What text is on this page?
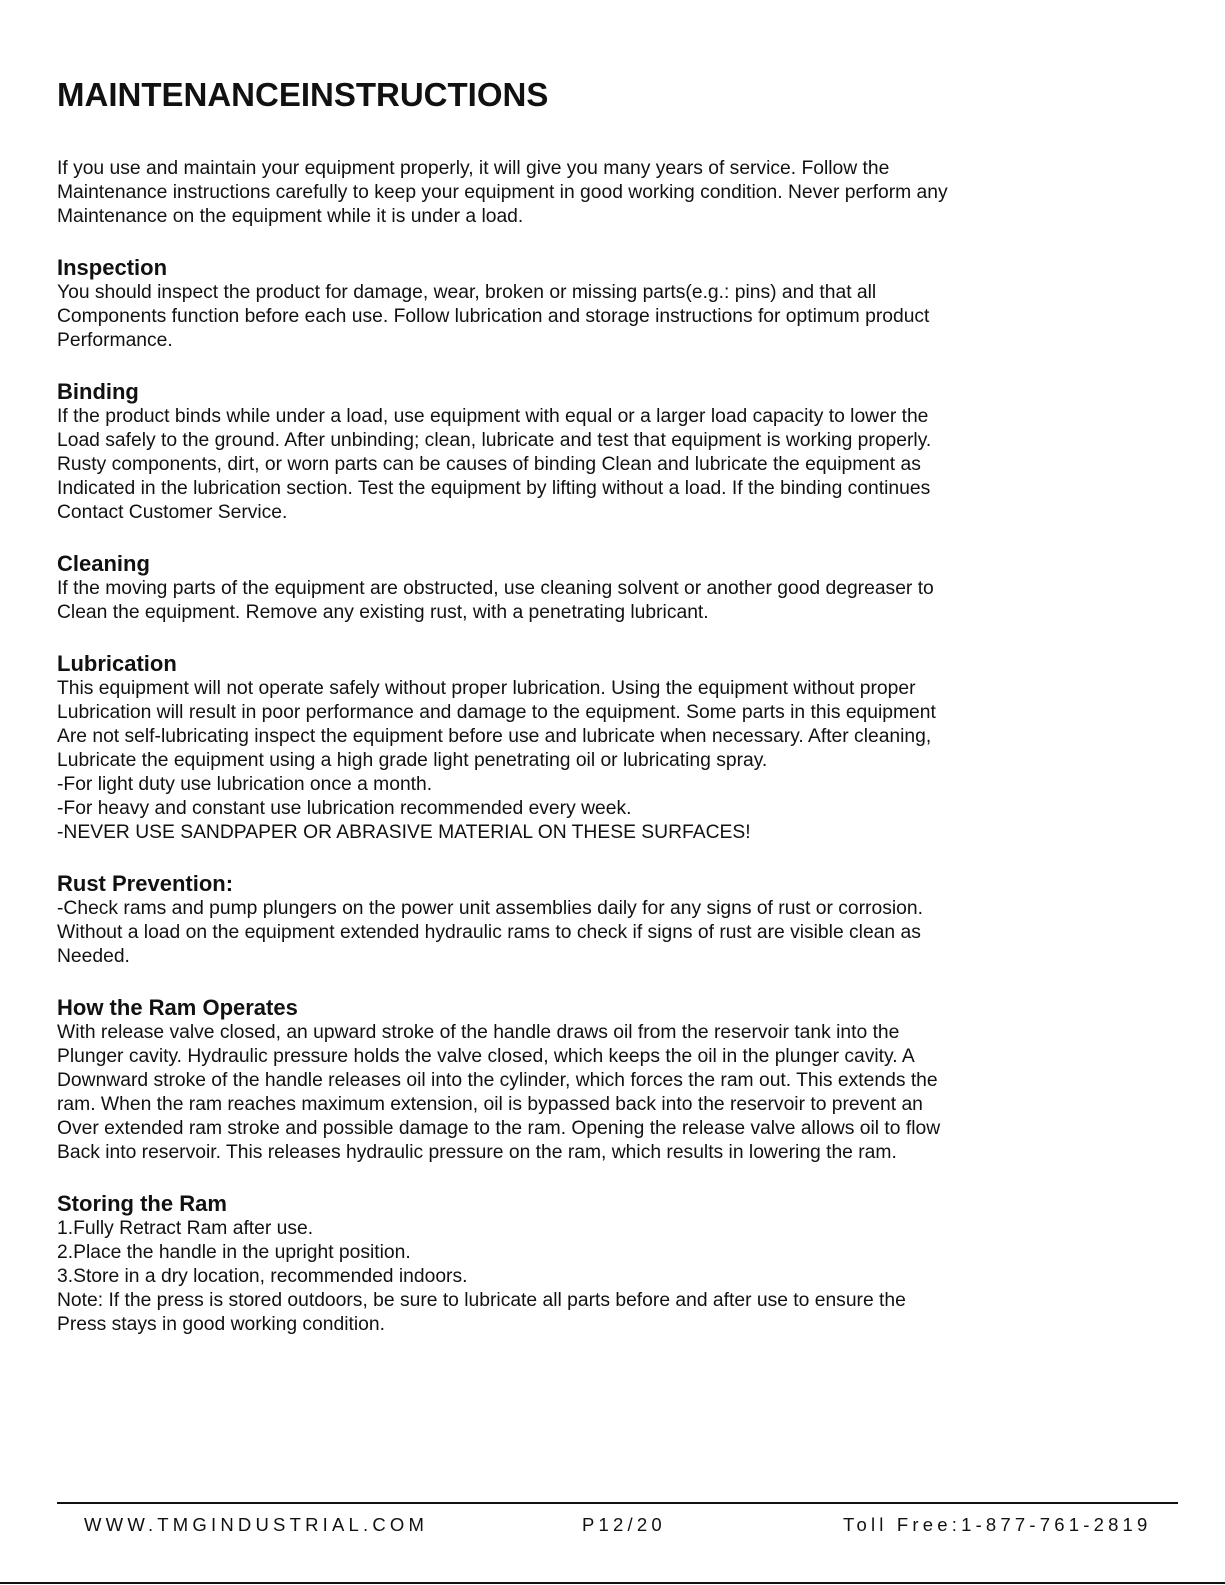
MAINTENANCEINSTRUCTIONS

If you use and maintain your equipment properly, it will give you many years of service. Follow the
Maintenance instructions carefully to keep your equipment in good working condition. Never perform any
Maintenance on the equipment while it is under a load.

Inspection

You should inspect the product for damage, wear, broken or missing parts(e.g.: pins) and that all
Components function before each use. Follow lubrication and storage instructions for optimum product
Performance.

Binding

If the product binds while under a load, use equipment with equal or a larger load capacity to lower the
Load safely to the ground. After unbinding; clean, lubricate and test that equipment is working properly.
Rusty components, dirt, or worn parts can be causes of binding Clean and lubricate the equipment as
Indicated in the lubrication section. Test the equipment by lifting without a load. If the binding continues
Contact Customer Service.

Cleaning

If the moving parts of the equipment are obstructed, use cleaning solvent or another good degreaser to
Clean the equipment. Remove any existing rust, with a penetrating lubricant.

Lubrication

This equipment will not operate safely without proper lubrication. Using the equipment without proper
Lubrication will result in poor performance and damage to the equipment. Some parts in this equipment
Are not self-lubricating inspect the equipment before use and lubricate when necessary. After cleaning,
Lubricate the equipment using a high grade light penetrating oil or lubricating spray.
-For light duty use lubrication once a month.
-For heavy and constant use lubrication recommended every week.
-NEVER USE SANDPAPER OR ABRASIVE MATERIAL ON THESE SURFACES!

Rust Prevention:

-Check rams and pump plungers on the power unit assemblies daily for any signs of rust or corrosion.
Without a load on the equipment extended hydraulic rams to check if signs of rust are visible clean as
Needed.

How the Ram Operates

With release valve closed, an upward stroke of the handle draws oil from the reservoir tank into the
Plunger cavity. Hydraulic pressure holds the valve closed, which keeps the oil in the plunger cavity. A
Downward stroke of the handle releases oil into the cylinder, which forces the ram out. This extends the
ram. When the ram reaches maximum extension, oil is bypassed back into the reservoir to prevent an
Over extended ram stroke and possible damage to the ram. Opening the release valve allows oil to flow
Back into reservoir. This releases hydraulic pressure on the ram, which results in lowering the ram.

Storing the Ram

1.Fully Retract Ram after use.
2.Place the handle in the upright position.
3.Store in a dry location, recommended indoors.
Note: If the press is stored outdoors, be sure to lubricate all parts before and after use to ensure the
Press stays in good working condition.

WWW.TMGINDUSTRIAL.COM	P12/20	Toll Free:1-877-761-2819
